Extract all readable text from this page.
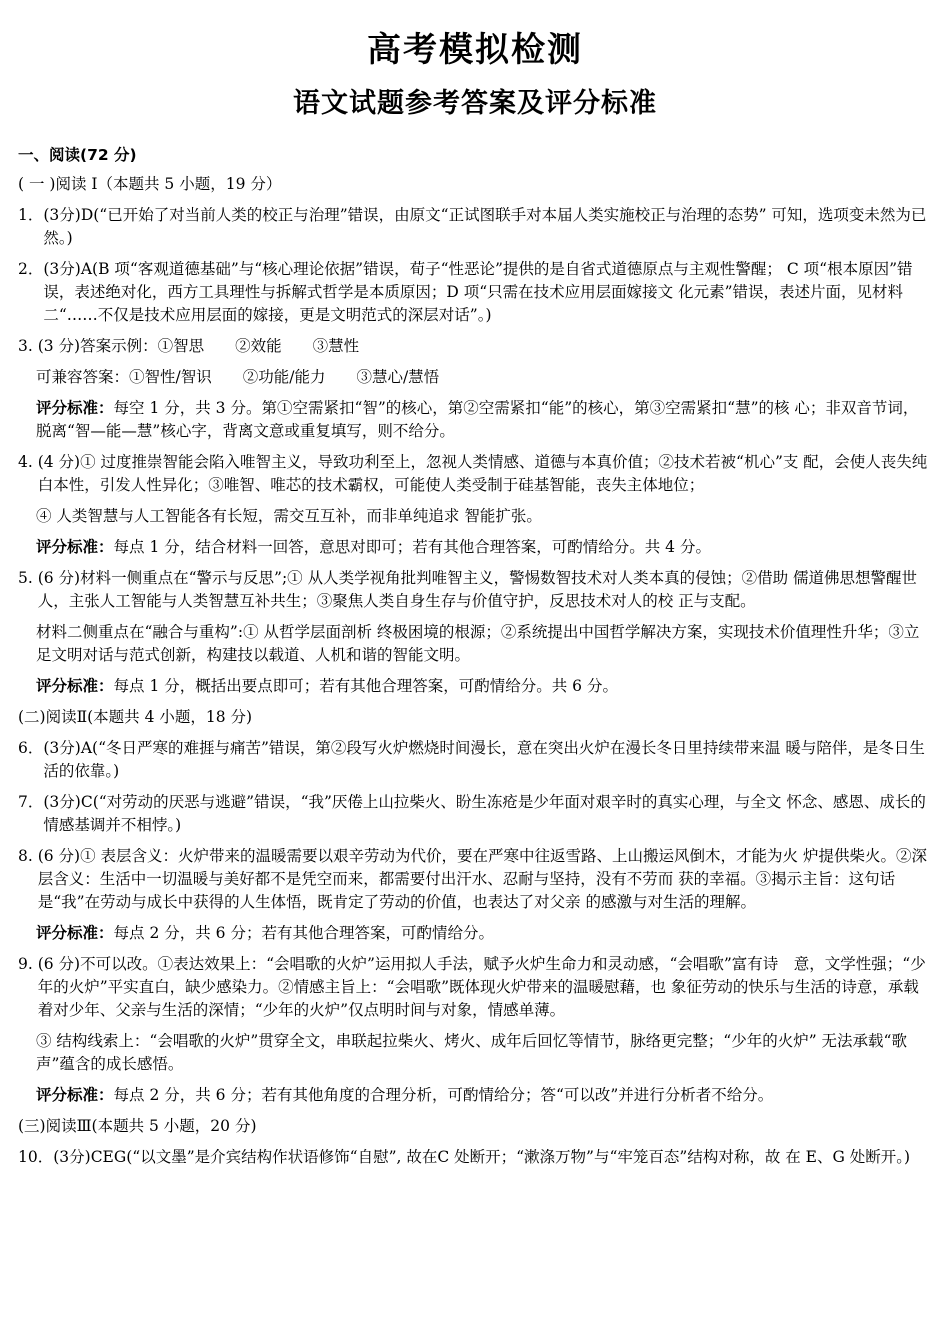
高考模拟检测
语文试题参考答案及评分标准
一、阅读(72 分)
( 一 )阅读 I（本题共 5 小题，19 分）
1． (3分)D(“已开始了对当前人类的校正与治理”错误，由原文“正试图联手对本届人类实施校正与治理的态势” 可知，选项变未然为已然。)
2． (3分)A(B 项“客观道德基础”与“核心理论依据”错误，荀子“性恶论”提供的是自省式道德原点与主观性警醒； C 项“根本原因”错误，表述绝对化，西方工具理性与拆解式哲学是本质原因；D 项“只需在技术应用层面嫁接文 化元素”错误，表述片面，见材料二“……不仅是技术应用层面的嫁接，更是文明范式的深层对话”。)
3. (3 分)答案示例：①智思　　②效能　　③慧性
可兼容答案：①智性/智识　　②功能/能力　　③慧心/慧悟
评分标准：每空 1 分，共 3 分。第①空需紧扣“智”的核心，第②空需紧扣“能”的核心，第③空需紧扣“慧”的核 心；非双音节词，脱离“智—能—慧”核心字，背离文意或重复填写，则不给分。
4. (4 分)① 过度推崇智能会陷入唯智主义，导致功利至上，忽视人类情感、道德与本真价值；②技术若被“机心”支 配，会使人丧失纯白本性，引发人性异化；③唯智、唯芯的技术霸权，可能使人类受制于硅基智能，丧失主体地位；
④ 人类智慧与人工智能各有长短，需交互互补，而非单纯追求 智能扩张。
评分标准：每点 1 分，结合材料一回答，意思对即可；若有其他合理答案，可酌情给分。共 4 分。
5. (6 分)材料一侧重点在“警示与反思”;① 从人类学视角批判唯智主义，警惕数智技术对人类本真的侵蚀；②借助 儒道佛思想警醒世人，主张人工智能与人类智慧互补共生；③聚焦人类自身生存与价值守护，反思技术对人的校 正与支配。
材料二侧重点在“融合与重构”:① 从哲学层面剖析 终极困境的根源；②系统提出中国哲学解决方案，实现技术价值理性升华；③立足文明对话与范式创新，构建技以载道、人机和谐的智能文明。
评分标准：每点 1 分，概括出要点即可；若有其他合理答案，可酌情给分。共 6 分。
(二)阅读Ⅱ(本题共 4 小题，18 分)
6． (3分)A(“冬日严寒的难捱与痛苦”错误，第②段写火炉燃烧时间漫长，意在突出火炉在漫长冬日里持续带来温 暖与陪伴，是冬日生活的依靠。)
7． (3分)C(“对劳动的厌恶与逃避”错误，“我”厌倦上山拉柴火、盼生冻疮是少年面对艰辛时的真实心理，与全文 怀念、感恩、成长的情感基调并不相悖。)
8. (6 分)① 表层含义：火炉带来的温暖需要以艰辛劳动为代价，要在严寒中往返雪路、上山搬运风倒木，才能为火 炉提供柴火。②深层含义：生活中一切温暖与美好都不是凭空而来，都需要付出汗水、忍耐与坚持，没有不劳而 获的幸福。③揭示主旨：这句话是“我”在劳动与成长中获得的人生体悟，既肯定了劳动的价值，也表达了对父亲 的感激与对生活的理解。
评分标准：每点 2 分，共 6 分；若有其他合理答案，可酌情给分。
9. (6 分)不可以改。①表达效果上：“会唱歌的火炉”运用拟人手法，赋予火炉生命力和灵动感，“会唱歌”富有诗　意，文学性强；“少年的火炉”平实直白，缺少感染力。②情感主旨上：“会唱歌”既体现火炉带来的温暖慰藉，也 象征劳动的快乐与生活的诗意，承载着对少年、父亲与生活的深情；“少年的火炉”仅点明时间与对象，情感单薄。
③ 结构线索上：“会唱歌的火炉”贯穿全文，串联起拉柴火、烤火、成年后回忆等情节，脉络更完整；“少年的火炉” 无法承载“歌声”蕴含的成长感悟。
评分标准：每点 2 分，共 6 分；若有其他角度的合理分析，可酌情给分；答“可以改”并进行分析者不给分。
(三)阅读Ⅲ(本题共 5 小题，20 分)
10． (3分)CEG(“以文墨”是介宾结构作状语修饰“自慰”, 故在C 处断开；“漱涤万物”与“牢笼百态”结构对称，故 在 E、G 处断开。)
